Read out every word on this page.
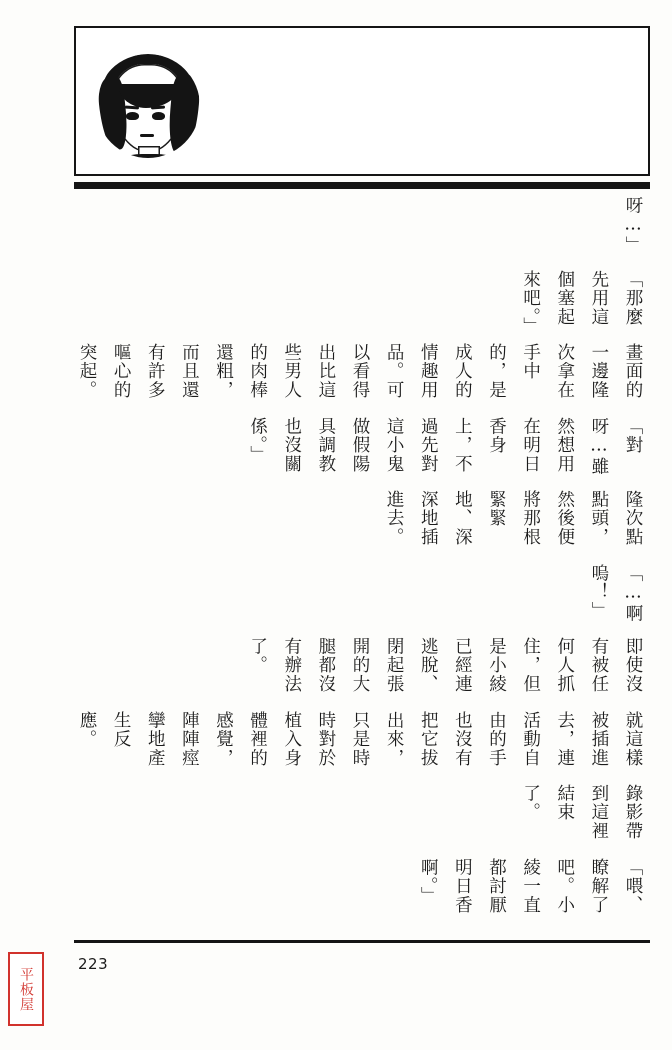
呀…」

「那麼先用這個塞起來吧。」

畫面的一邊隆次拿在手中的，是成人的情趣用品。可以看得出比這些男人的肉棒還粗，而且還有許多嘔心的突起。

「對呀…雖然想用在明日香身上，不過先對這小鬼做假陽具調教也沒關係。」

隆次點點頭，然後便將那根緊緊地、深深地插進去。

「…啊嗚！」

即使沒有被任何人抓住，但是小綾已經連逃脫、閉起張開的大腿都沒有辦法了。

就這樣被插進去，連活動自由的手也沒有把它拔出來，只是時時對於植入身體裡的感覺，陣陣痙攣地產生反應。

錄影帶到這裡結束了。

「喂、瞭解了吧。小綾一直都討厭明日香啊。」

223
平板屋
